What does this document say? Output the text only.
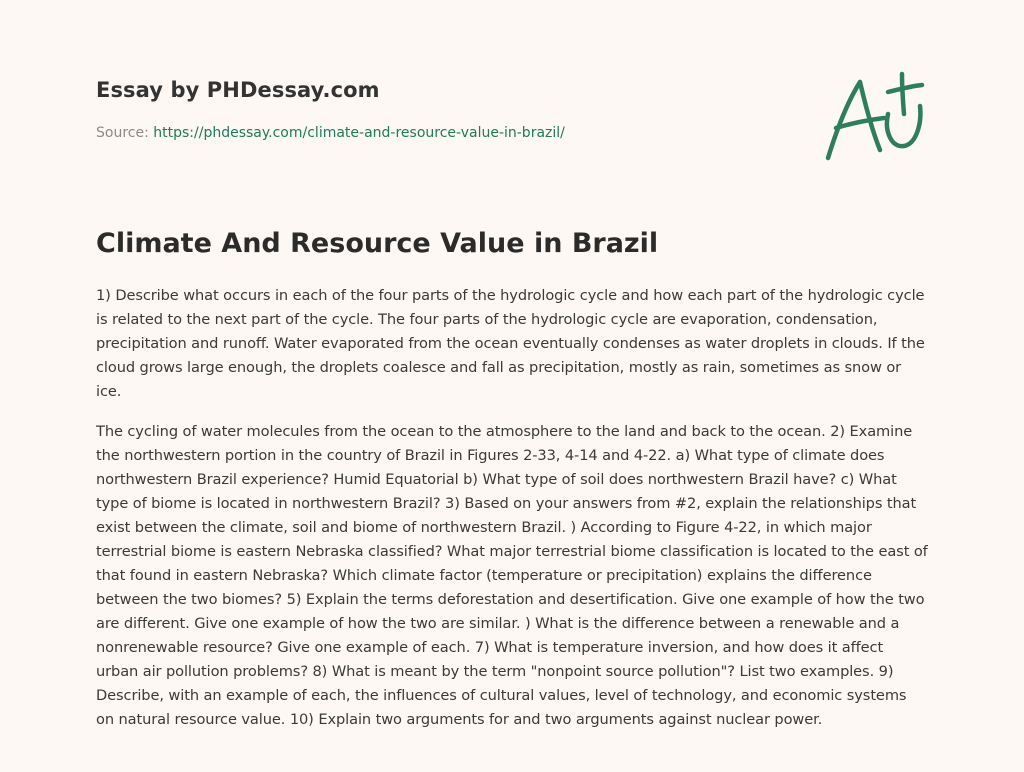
Essay by PHDessay.com
Source: https://phdessay.com/climate-and-resource-value-in-brazil/
Climate And Resource Value in Brazil

1) Describe what occurs in each of the four parts of the hydrologic cycle and how each part of the hydrologic cycle is related to the next part of the cycle. The four parts of the hydrologic cycle are evaporation, condensation, precipitation and runoff. Water evaporated from the ocean eventually condenses as water droplets in clouds. If the cloud grows large enough, the droplets coalesce and fall as precipitation, mostly as rain, sometimes as snow or ice.

The cycling of water molecules from the ocean to the atmosphere to the land and back to the ocean. 2) Examine the northwestern portion in the country of Brazil in Figures 2-33, 4-14 and 4-22. a) What type of climate does northwestern Brazil experience? Humid Equatorial b) What type of soil does northwestern Brazil have? c) What type of biome is located in northwestern Brazil? 3) Based on your answers from #2, explain the relationships that exist between the climate, soil and biome of northwestern Brazil. ) According to Figure 4-22, in which major terrestrial biome is eastern Nebraska classified? What major terrestrial biome classification is located to the east of that found in eastern Nebraska? Which climate factor (temperature or precipitation) explains the difference between the two biomes? 5) Explain the terms deforestation and desertification. Give one example of how the two are different. Give one example of how the two are similar. ) What is the difference between a renewable and a nonrenewable resource? Give one example of each. 7) What is temperature inversion, and how does it affect urban air pollution problems? 8) What is meant by the term "nonpoint source pollution"? List two examples. 9) Describe, with an example of each, the influences of cultural values, level of technology, and economic systems on natural resource value. 10) Explain two arguments for and two arguments against nuclear power.
